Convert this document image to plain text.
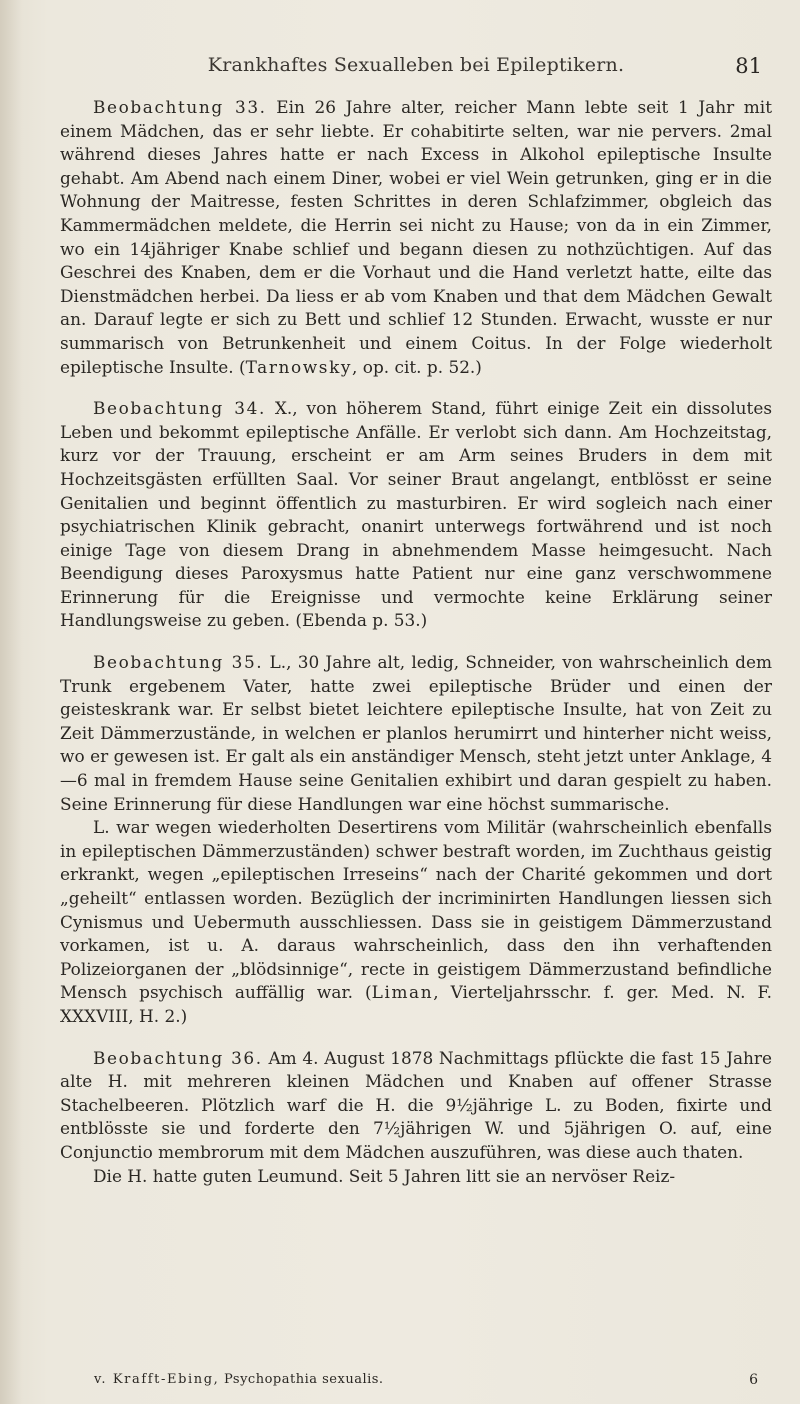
Krankhaftes Sexualleben bei Epileptikern.	81

Beobachtung 33. Ein 26 Jahre alter, reicher Mann lebte seit 1 Jahr mit einem Mädchen, das er sehr liebte. Er cohabitirte selten, war nie pervers. 2mal während dieses Jahres hatte er nach Excess in Alkohol epileptische Insulte gehabt. Am Abend nach einem Diner, wobei er viel Wein getrunken, ging er in die Wohnung der Maitresse, festen Schrittes in deren Schlafzimmer, obgleich das Kammermädchen meldete, die Herrin sei nicht zu Hause; von da in ein Zimmer, wo ein 14jähriger Knabe schlief und begann diesen zu nothzüchtigen. Auf das Geschrei des Knaben, dem er die Vorhaut und die Hand verletzt hatte, eilte das Dienstmädchen herbei. Da liess er ab vom Knaben und that dem Mädchen Gewalt an. Darauf legte er sich zu Bett und schlief 12 Stunden. Erwacht, wusste er nur summarisch von Betrunkenheit und einem Coitus. In der Folge wiederholt epileptische Insulte. (Tarnowsky, op. cit. p. 52.)

Beobachtung 34. X., von höherem Stand, führt einige Zeit ein dissolutes Leben und bekommt epileptische Anfälle. Er verlobt sich dann. Am Hochzeitstag, kurz vor der Trauung, erscheint er am Arm seines Bruders in dem mit Hochzeitsgästen erfüllten Saal. Vor seiner Braut angelangt, entblösst er seine Genitalien und beginnt öffentlich zu masturbiren. Er wird sogleich nach einer psychiatrischen Klinik gebracht, onanirt unterwegs fortwährend und ist noch einige Tage von diesem Drang in abnehmendem Masse heimgesucht. Nach Beendigung dieses Paroxysmus hatte Patient nur eine ganz verschwommene Erinnerung für die Ereignisse und vermochte keine Erklärung seiner Handlungsweise zu geben. (Ebenda p. 53.)

Beobachtung 35. L., 30 Jahre alt, ledig, Schneider, von wahrscheinlich dem Trunk ergebenem Vater, hatte zwei epileptische Brüder und einen der geisteskrank war. Er selbst bietet leichtere epileptische Insulte, hat von Zeit zu Zeit Dämmerzustände, in welchen er planlos herumirrt und hinterher nicht weiss, wo er gewesen ist. Er galt als ein anständiger Mensch, steht jetzt unter Anklage, 4—6 mal in fremdem Hause seine Genitalien exhibirt und daran gespielt zu haben. Seine Erinnerung für diese Handlungen war eine höchst summarische.

L. war wegen wiederholten Desertirens vom Militär (wahrscheinlich ebenfalls in epileptischen Dämmerzuständen) schwer bestraft worden, im Zuchthaus geistig erkrankt, wegen „epileptischen Irreseins“ nach der Charité gekommen und dort „geheilt“ entlassen worden. Bezüglich der incriminirten Handlungen liessen sich Cynismus und Uebermuth ausschliessen. Dass sie in geistigem Dämmerzustand vorkamen, ist u. A. daraus wahrscheinlich, dass den ihn verhaftenden Polizeiorganen der „blödsinnige“, recte in geistigem Dämmerzustand befindliche Mensch psychisch auffällig war. (Liman, Vierteljahrsschr. f. ger. Med. N. F. XXXVIII, H. 2.)

Beobachtung 36. Am 4. August 1878 Nachmittags pflückte die fast 15 Jahre alte H. mit mehreren kleinen Mädchen und Knaben auf offener Strasse Stachelbeeren. Plötzlich warf die H. die 9½jährige L. zu Boden, fixirte und entblösste sie und forderte den 7½jährigen W. und 5jährigen O. auf, eine Conjunctio membrorum mit dem Mädchen auszuführen, was diese auch thaten.

Die H. hatte guten Leumund. Seit 5 Jahren litt sie an nervöser Reiz-

v. Krafft-Ebing, Psychopathia sexualis.	6
